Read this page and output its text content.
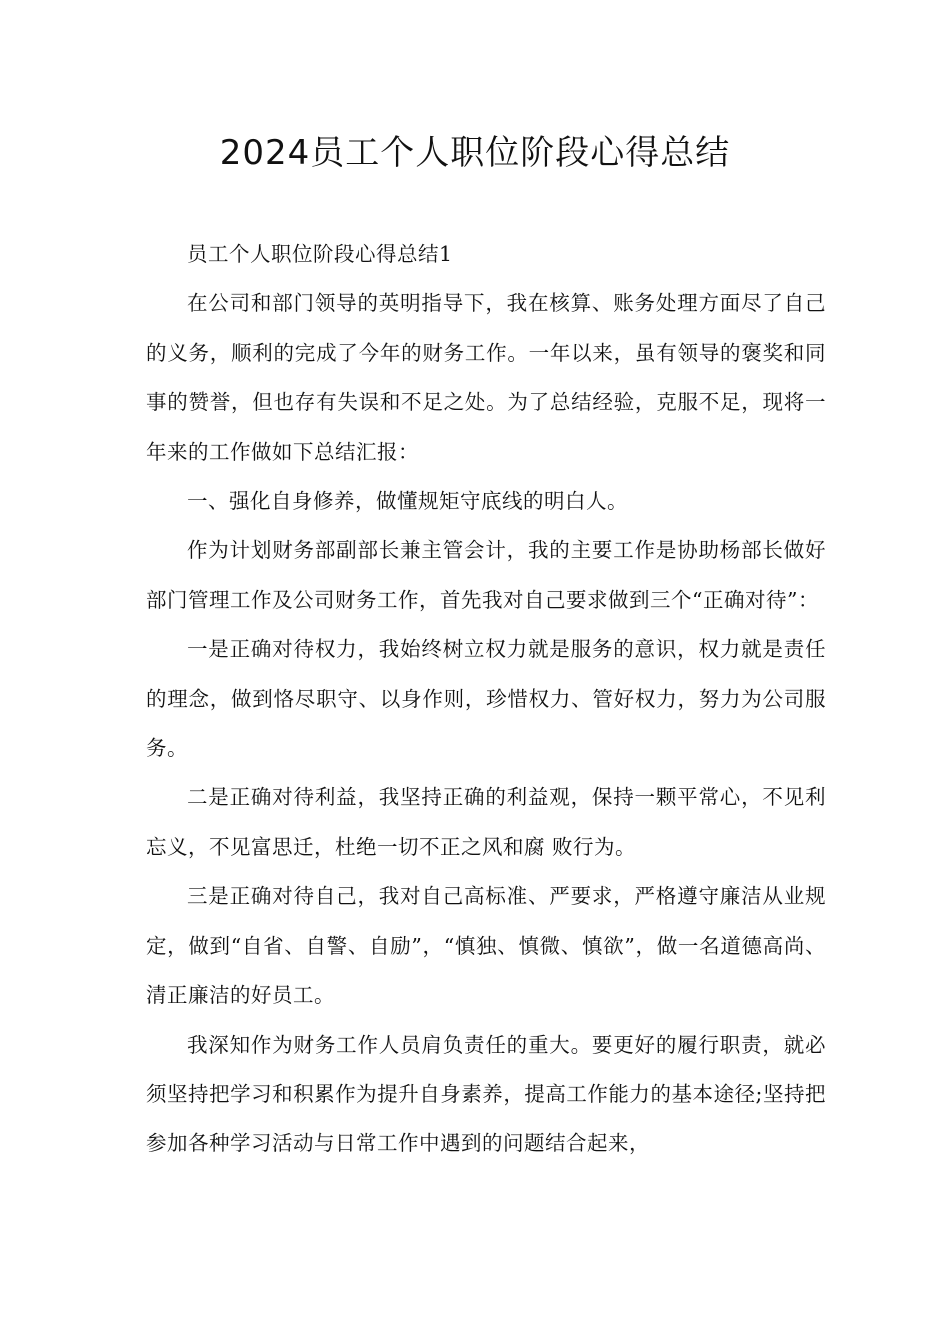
2024员工个人职位阶段心得总结

员工个人职位阶段心得总结1

在公司和部门领导的英明指导下，我在核算、账务处理方面尽了自己的义务，顺利的完成了今年的财务工作。一年以来，虽有领导的褒奖和同事的赞誉，但也存有失误和不足之处。为了总结经验，克服不足，现将一年来的工作做如下总结汇报：

一、强化自身修养，做懂规矩守底线的明白人。

作为计划财务部副部长兼主管会计，我的主要工作是协助杨部长做好部门管理工作及公司财务工作，首先我对自己要求做到三个“正确对待”：

一是正确对待权力，我始终树立权力就是服务的意识，权力就是责任的理念，做到恪尽职守、以身作则，珍惜权力、管好权力，努力为公司服务。

二是正确对待利益，我坚持正确的利益观，保持一颗平常心，不见利忘义，不见富思迁，杜绝一切不正之风和腐 败行为。

三是正确对待自己，我对自己高标准、严要求，严格遵守廉洁从业规定，做到“自省、自警、自励”，“慎独、慎微、慎欲”，做一名道德高尚、清正廉洁的好员工。

我深知作为财务工作人员肩负责任的重大。要更好的履行职责，就必须坚持把学习和积累作为提升自身素养，提高工作能力的基本途径;坚持把参加各种学习活动与日常工作中遇到的问题结合起来，
